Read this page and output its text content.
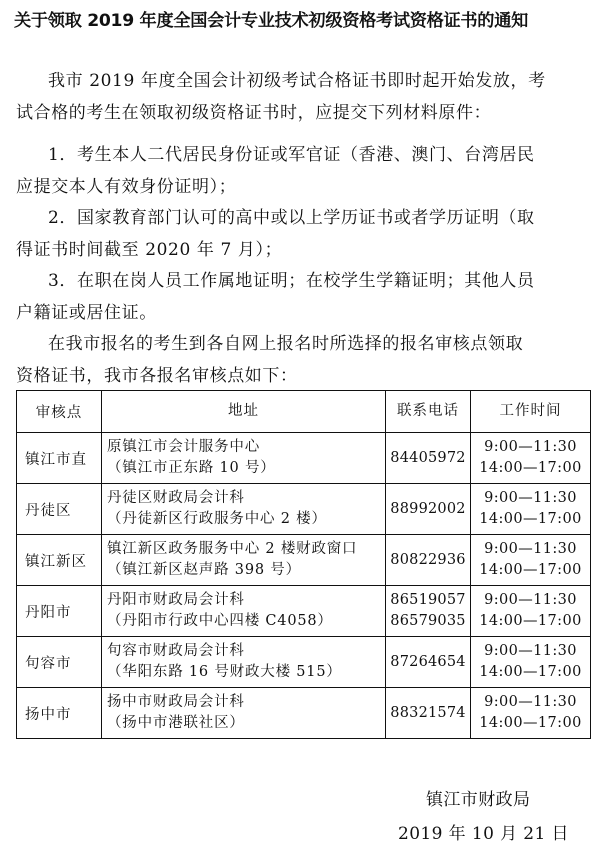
关于领取 2019 年度全国会计专业技术初级资格考试资格证书的通知
我市 2019 年度全国会计初级考试合格证书即时起开始发放，考
试合格的考生在领取初级资格证书时，应提交下列材料原件：
1．考生本人二代居民身份证或军官证（香港、澳门、台湾居民
应提交本人有效身份证明）；
2．国家教育部门认可的高中或以上学历证书或者学历证明（取
得证书时间截至 2020 年 7 月）；
3．在职在岗人员工作属地证明；在校学生学籍证明；其他人员
户籍证或居住证。
在我市报名的考生到各自网上报名时所选择的报名审核点领取
资格证书，我市各报名审核点如下：
审核点	地址	联系电话	工作时间
镇江市直	原镇江市会计服务中心
（镇江市正东路 10 号）	84405972	9:00—11:30
14:00—17:00

丹徒区	丹徒区财政局会计科
（丹徒新区行政服务中心 2 楼）	88992002	9:00—11:30
14:00—17:00

镇江新区	镇江新区政务服务中心 2 楼财政窗口
（镇江新区赵声路 398 号）	80822936	9:00—11:30
14:00—17:00

丹阳市	丹阳市财政局会计科
（丹阳市行政中心四楼 C4058）	86519057
86579035	9:00—11:30
14:00—17:00

句容市	句容市财政局会计科
（华阳东路 16 号财政大楼 515）	87264654	9:00—11:30
14:00—17:00

扬中市	扬中市财政局会计科
（扬中市港联社区）	88321574	9:00—11:30
14:00—17:00
镇江市财政局
2019 年 10 月 21 日
